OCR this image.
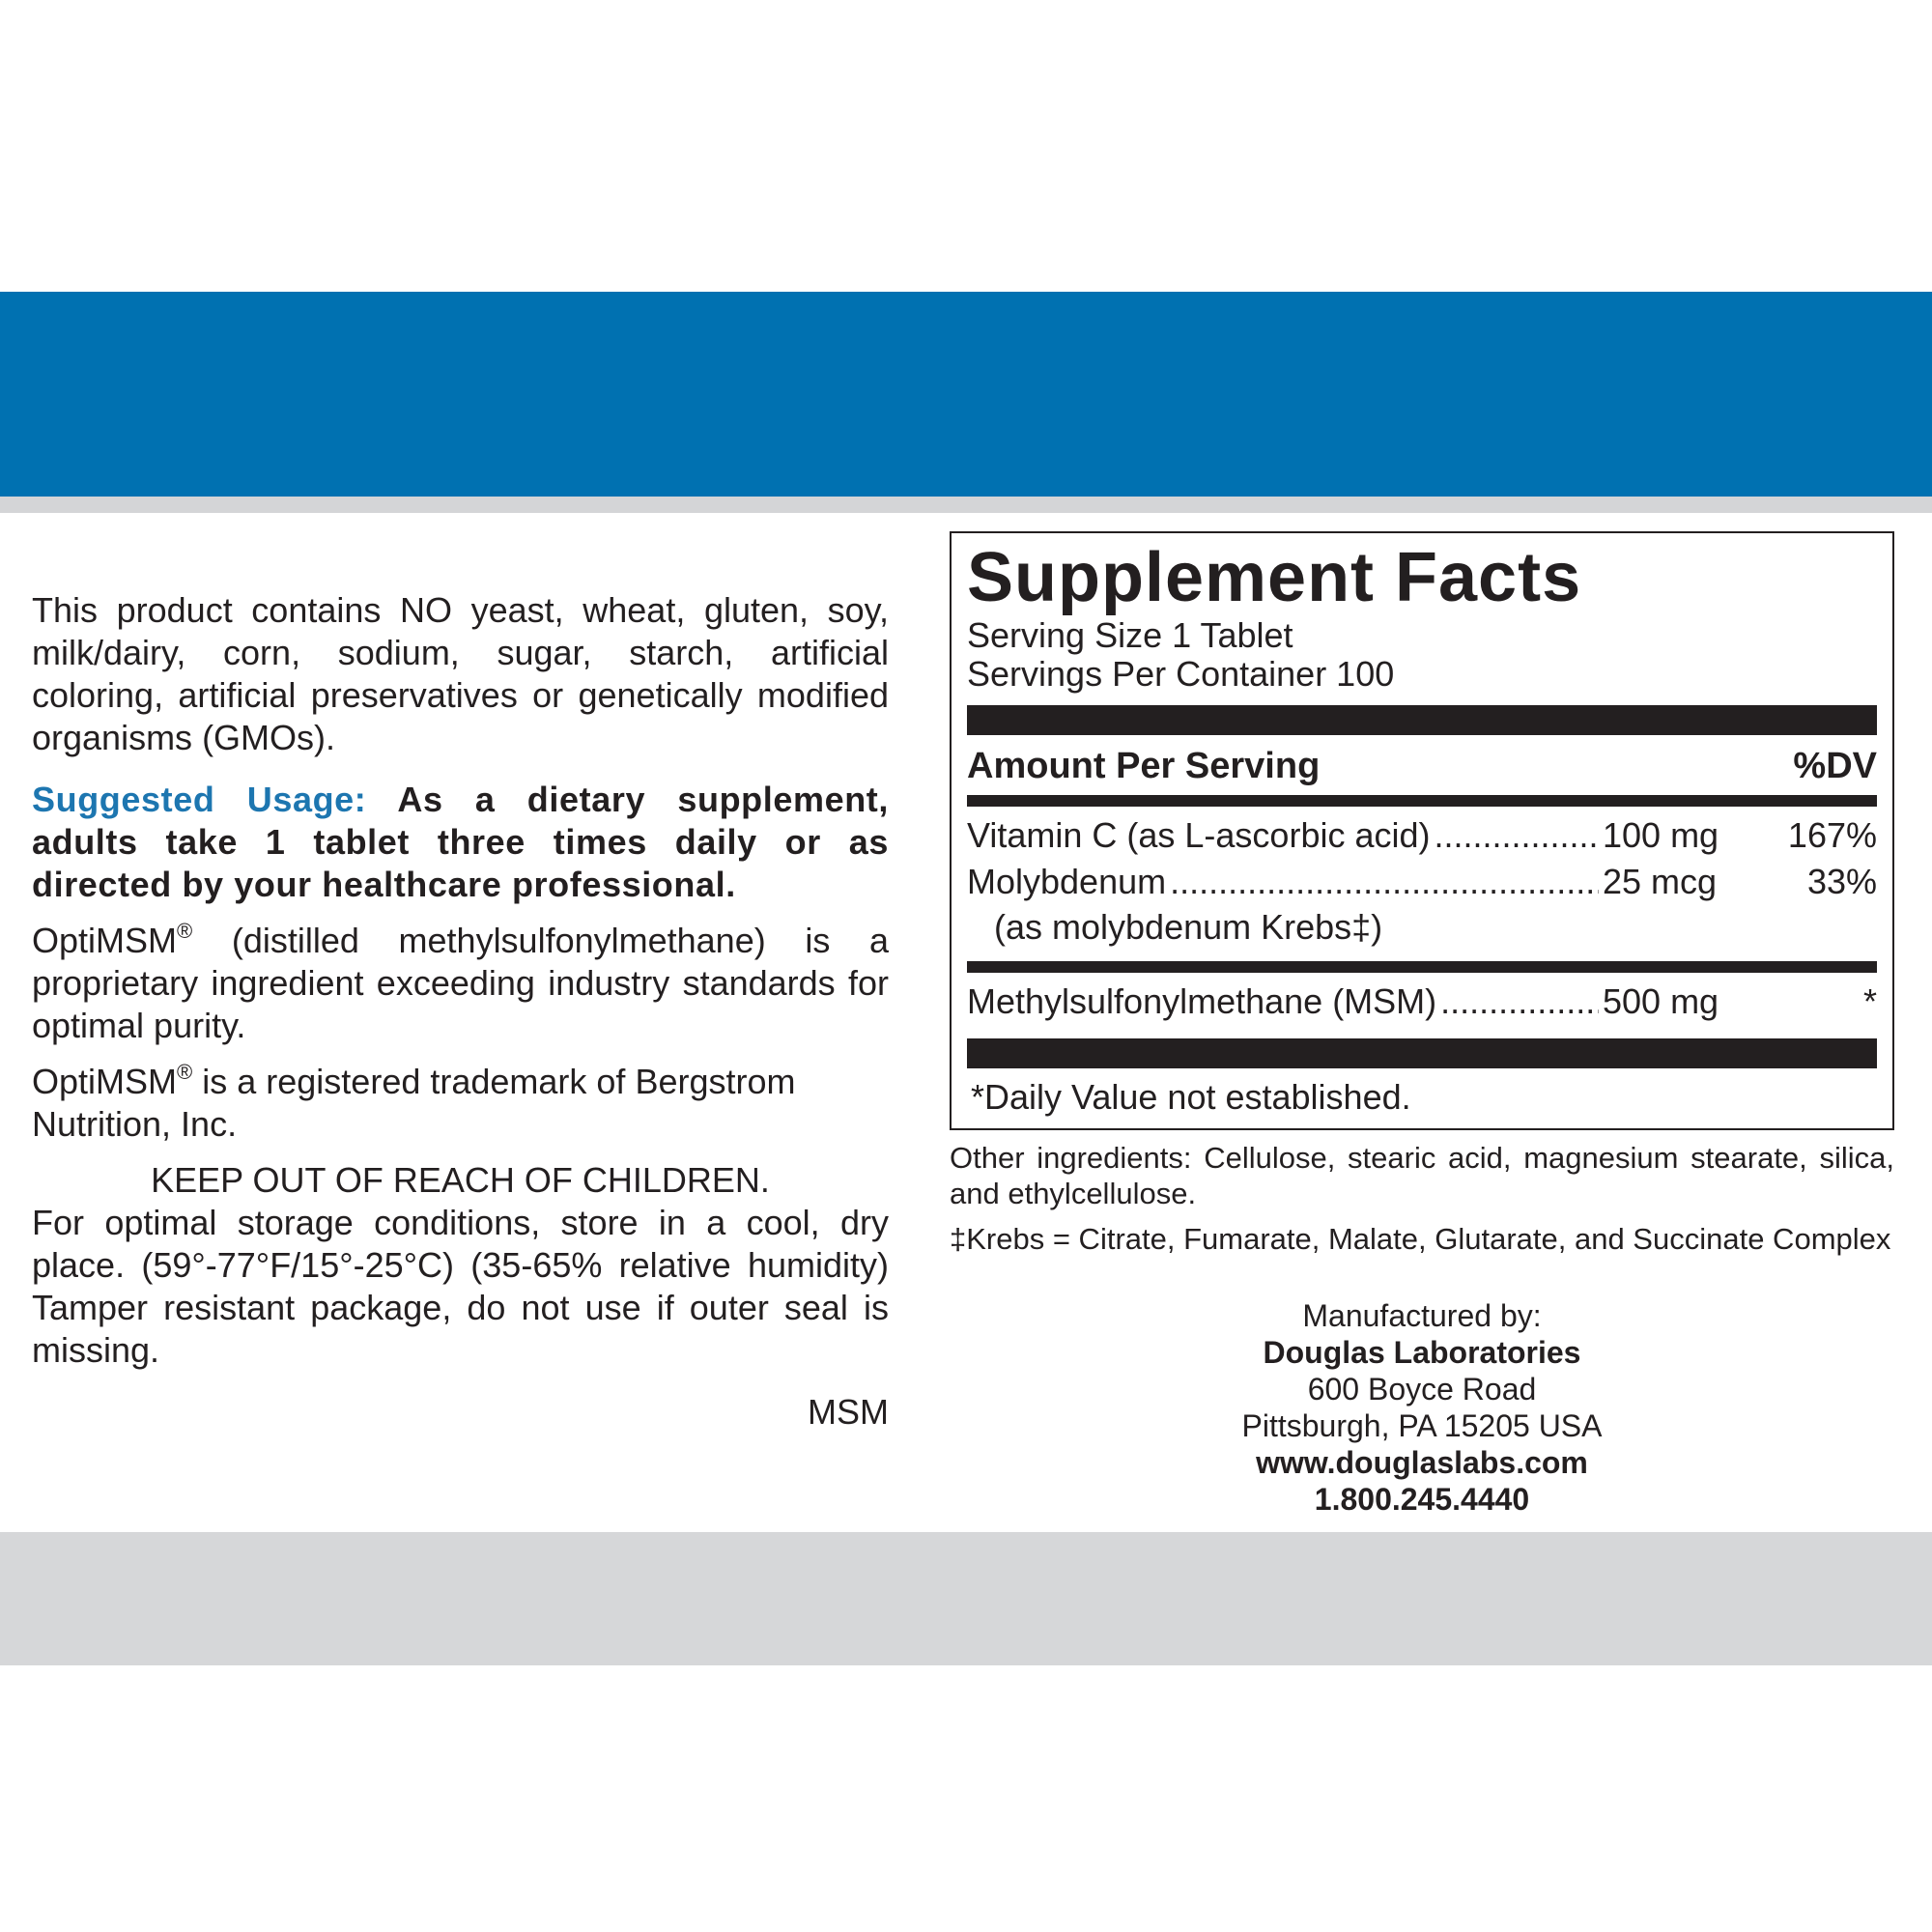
This product contains NO yeast, wheat, gluten, soy, milk/dairy, corn, sodium, sugar, starch, artificial coloring, artificial preservatives or genetically modified organisms (GMOs).

Suggested Usage: As a dietary supplement, adults take 1 tablet three times daily or as directed by your healthcare professional.

OptiMSM® (distilled methylsulfonylmethane) is a proprietary ingredient exceeding industry standards for optimal purity.

OptiMSM® is a registered trademark of Bergstrom Nutrition, Inc.

KEEP OUT OF REACH OF CHILDREN.

For optimal storage conditions, store in a cool, dry place. (59°-77°F/15°-25°C) (35-65% relative humidity) Tamper resistant package, do not use if outer seal is missing.

MSM

Supplement Facts
Serving Size 1 Tablet
Servings Per Container 100
Amount Per Serving	%DV
Vitamin C (as L-ascorbic acid) .....	100 mg	167%
Molybdenum .....	25 mcg	33%
(as molybdenum Krebs‡)
Methylsulfonylmethane (MSM) .....	500 mg	*
*Daily Value not established.

Other ingredients: Cellulose, stearic acid, magnesium stearate, silica, and ethylcellulose.

‡Krebs = Citrate, Fumarate, Malate, Glutarate, and Succinate Complex

Manufactured by:
Douglas Laboratories
600 Boyce Road
Pittsburgh, PA 15205 USA
www.douglaslabs.com
1.800.245.4440
